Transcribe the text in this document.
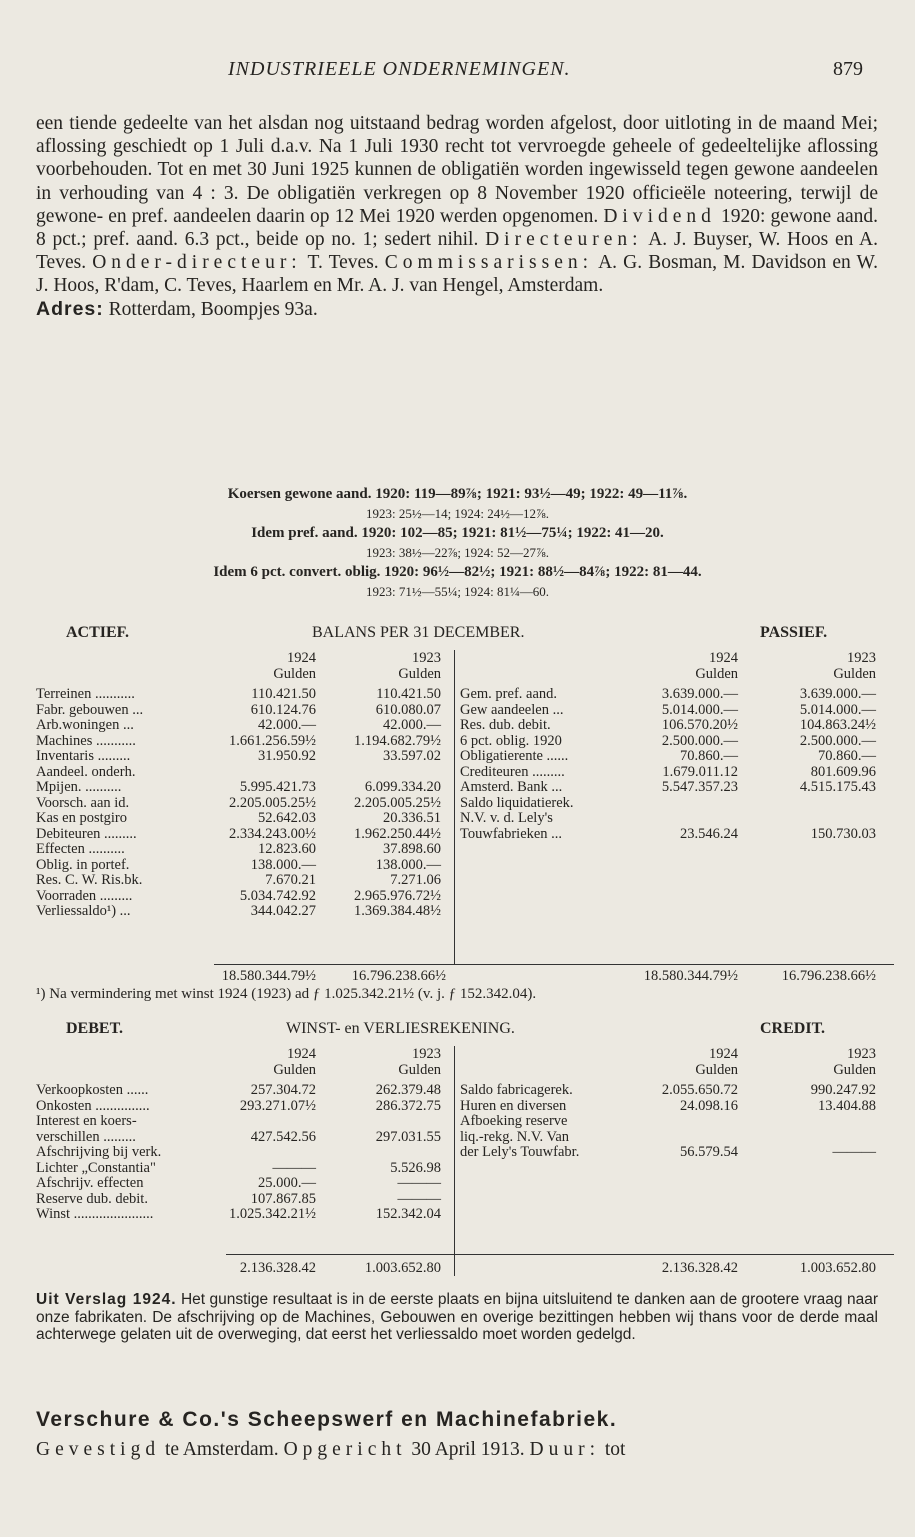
INDUSTRIEELE ONDERNEMINGEN.	879
een tiende gedeelte van het alsdan nog uitstaand bedrag worden afgelost, door uitloting in de maand Mei; aflossing geschiedt op 1 Juli d.a.v. Na 1 Juli 1930 recht tot vervroegde geheele of gedeeltelijke aflossing voorbehouden. Tot en met 30 Juni 1925 kunnen de obligatiën worden ingewisseld tegen gewone aandeelen in verhouding van 4 : 3. De obligatiën verkregen op 8 November 1920 officieële noteering, terwijl de gewone- en pref. aandeelen daarin op 12 Mei 1920 werden opgenomen. Dividend 1920: gewone aand. 8 pct.; pref. aand. 6.3 pct., beide op no. 1; sedert nihil. Directeuren: A. J. Buyser, W. Hoos en A. Teves. Onder-directeur: T. Teves. Commissarissen: A. G. Bosman, M. Davidson en W. J. Hoos, R'dam, C. Teves, Haarlem en Mr. A. J. van Hengel, Amsterdam.
Adres: Rotterdam, Boompjes 93a.
Koersen gewone aand. 1920: 119—89⅞; 1921: 93½—49; 1922: 49—11⅞.
1923: 25½—14; 1924: 24½—12⅞.
Idem pref. aand. 1920: 102—85; 1921: 81½—75¼; 1922: 41—20.
1923: 38½—22⅞; 1924: 52—27⅞.
Idem 6 pct. convert. oblig. 1920: 96½—82½; 1921: 88½—84⅞; 1922: 81—44.
1923: 71½—55¼; 1924: 81¼—60.
ACTIEF.	BALANS PER 31 DECEMBER.	PASSIEF.
1924	1923
Gulden	Gulden
1924	1923
Gulden	Gulden
Terreinen ...........	110.421.50	110.421.50
Fabr. gebouwen ...	610.124.76	610.080.07
Arb.woningen ...	42.000.—	42.000.—
Machines ...........	1.661.256.59½	1.194.682.79½
Inventaris .........	31.950.92	33.597.02
Aandeel. onderh.
Mpijen. ..........	5.995.421.73	6.099.334.20
Voorsch. aan id.	2.205.005.25½	2.205.005.25½
Kas en postgiro	52.642.03	20.336.51
Debiteuren .........	2.334.243.00½	1.962.250.44½
Effecten ..........	12.823.60	37.898.60
Oblig. in portef.	138.000.—	138.000.—
Res. C. W. Ris.bk.	7.670.21	7.271.06
Voorraden .........	5.034.742.92	2.965.976.72½
Verliessaldo¹) ...	344.042.27	1.369.384.48½
Gem. pref. aand.	3.639.000.—	3.639.000.—
Gew aandeelen ...	5.014.000.—	5.014.000.—
Res. dub. debit.	106.570.20½	104.863.24½
6 pct. oblig. 1920	2.500.000.—	2.500.000.—
Obligatierente ......	70.860.—	70.860.—
Crediteuren .........	1.679.011.12	801.609.96
Amsterd. Bank ...	5.547.357.23	4.515.175.43
Saldo liquidatierek.
N.V. v. d. Lely's
Touwfabrieken ...	23.546.24	150.730.03
18.580.344.79½	16.796.238.66½	18.580.344.79½	16.796.238.66½
¹) Na vermindering met winst 1924 (1923) ad ƒ 1.025.342.21½ (v. j. ƒ 152.342.04).
DEBET.	WINST- en VERLIESREKENING.	CREDIT.
1924	1923
Gulden	Gulden
1924	1923
Gulden	Gulden
Verkoopkosten ......	257.304.72	262.379.48
Onkosten ...............	293.271.07½	286.372.75
Interest en koers-
verschillen .........	427.542.56	297.031.55
Afschrijving bij verk.
Lichter „Constantia"	———	5.526.98
Afschrijv. effecten	25.000.—	———
Reserve dub. debit.	107.867.85	———
Winst ......................	1.025.342.21½	152.342.04
Saldo fabricagerek.	2.055.650.72	990.247.92
Huren en diversen	24.098.16	13.404.88
Afboeking reserve
liq.-rekg. N.V. Van
der Lely's Touwfabr.	56.579.54	———
2.136.328.42	1.003.652.80	2.136.328.42	1.003.652.80
Uit Verslag 1924. Het gunstige resultaat is in de eerste plaats en bijna uitsluitend te danken aan de grootere vraag naar onze fabrikaten. De afschrijving op de Machines, Gebouwen en overige bezittingen hebben wij thans voor de derde maal achterwege gelaten uit de overweging, dat eerst het verliessaldo moet worden gedelgd.
Verschure & Co.'s Scheepswerf en Machinefabriek.
Gevestigd te Amsterdam. Opgericht 30 April 1913. Duur: tot
